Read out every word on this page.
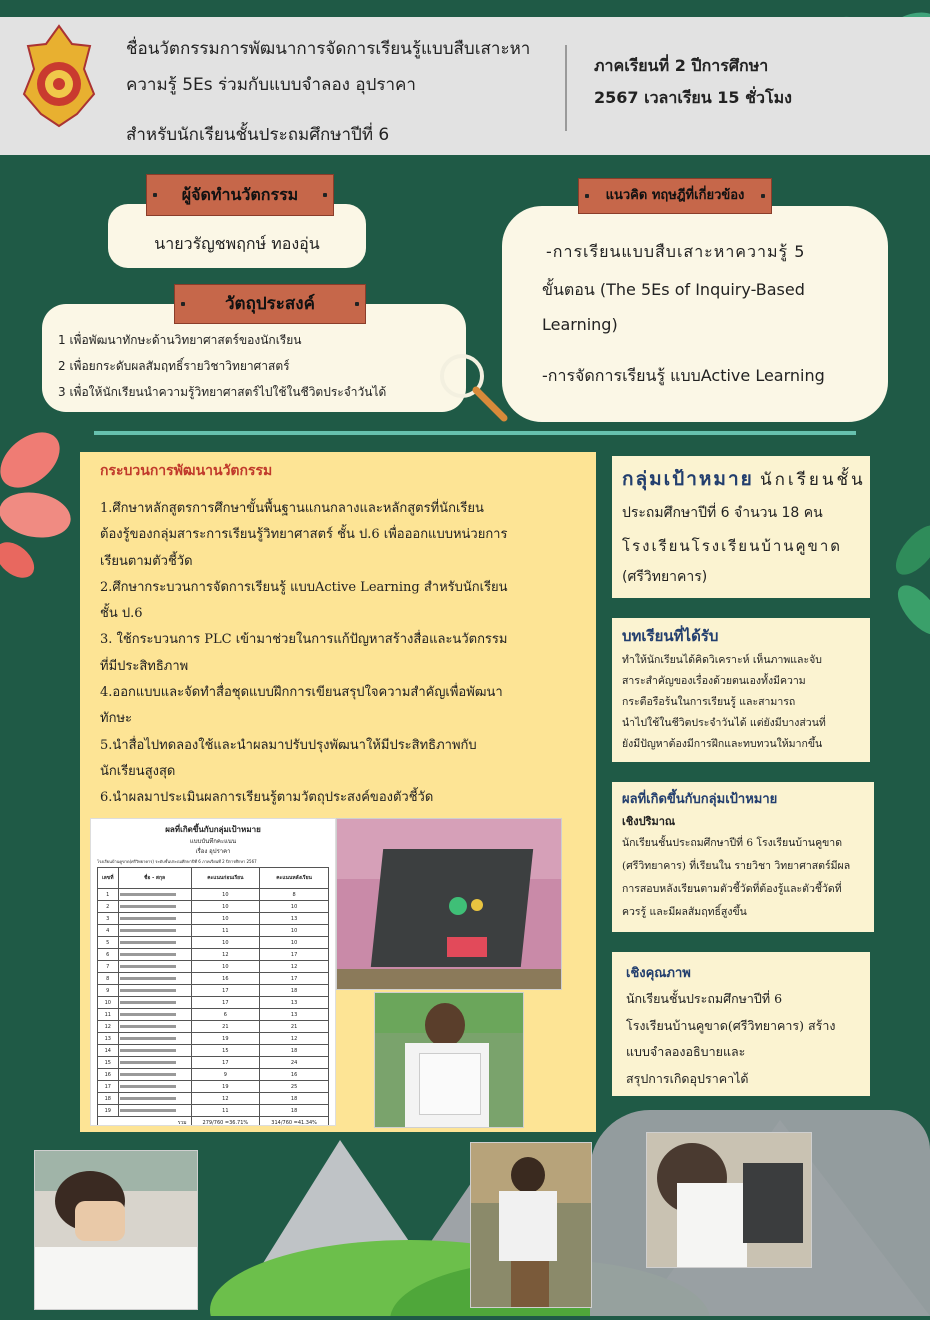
ชื่อนวัตกรรมการพัฒนาการจัดการเรียนรู้แบบสืบเสาะหา
ความรู้ 5Es ร่วมกับแบบจำลอง อุปราคา
สำหรับนักเรียนชั้นประถมศึกษาปีที่ 6
ภาคเรียนที่ 2 ปีการศึกษา
2567 เวลาเรียน 15 ชั่วโมง
ผู้จัดทำนวัตกรรม
นายวรัญชพฤกษ์ ทองอุ่น
วัตถุประสงค์
1 เพื่อพัฒนาทักษะด้านวิทยาศาสตร์ของนักเรียน
2 เพื่อยกระดับผลสัมฤทธิ์รายวิชาวิทยาศาสตร์
3 เพื่อให้นักเรียนนำความรู้วิทยาศาสตร์ไปใช้ในชีวิตประจำวันได้
แนวคิด ทฤษฎีที่เกี่ยวข้อง
-การเรียนแบบสืบเสาะหาความรู้ 5
ขั้นตอน (The 5Es of Inquiry-Based
Learning)
-การจัดการเรียนรู้ แบบActive Learning
กระบวนการพัฒนานวัตกรรม
1.ศึกษาหลักสูตรการศึกษาขั้นพื้นฐานแกนกลางและหลักสูตรที่นักเรียน
ต้องรู้ของกลุ่มสาระการเรียนรู้วิทยาศาสตร์ ชั้น ป.6 เพื่อออกแบบหน่วยการ
เรียนตามตัวชี้วัด
2.ศึกษากระบวนการจัดการเรียนรู้ แบบActive Learning สำหรับนักเรียน
ชั้น ป.6
3. ใช้กระบวนการ PLC เข้ามาช่วยในการแก้ปัญหาสร้างสื่อและนวัตกรรม
ที่มีประสิทธิภาพ
4.ออกแบบและจัดทำสื่อชุดแบบฝึกการเขียนสรุปใจความสำคัญเพื่อพัฒนา
ทักษะ
5.นำสื่อไปทดลองใช้และนำผลมาปรับปรุงพัฒนาให้มีประสิทธิภาพกับ
นักเรียนสูงสุด
6.นำผลมาประเมินผลการเรียนรู้ตามวัตถุประสงค์ของตัวชี้วัด
ผลที่เกิดขึ้นกับกลุ่มเป้าหมาย
แบบบันทึกคะแนน
เรื่อง อุปราคา
โรงเรียนบ้านคูขาด(ศรีวิทยาคาร) ระดับชั้นประถมศึกษาปีที่ 6 ภาคเรียนที่ 2 ปีการศึกษา 2567
เลขที่	ชื่อ - สกุล	คะแนนก่อนเรียน	คะแนนหลังเรียน
1		10	8
2		10	10
3		10	13
4		11	10
5		10	10
6		12	17
7		10	12
8		16	17
9		17	18
10		17	13
11		6	13
12		21	21
13		19	12
14		15	18
15		17	24
16		9	16
17		19	25
18		12	18
19		11	18
รวม		279/760 =36.71%	314/760 =41.34%
กลุ่มเป้าหมาย นักเรียนชั้น
ประถมศึกษาปีที่ 6 จำนวน 18 คน
โรงเรียนโรงเรียนบ้านคูขาด
(ศรีวิทยาคาร)
บทเรียนที่ได้รับ
ทำให้นักเรียนได้คิดวิเคราะห์ เห็นภาพและจับ
สาระสำคัญของเรื่องด้วยตนเองทั้งมีความ
กระตือรือร้นในการเรียนรู้ และสามารถ
นำไปใช้ในชีวิตประจำวันได้ แต่ยังมีบางส่วนที่
ยังมีปัญหาต้องมีการฝึกและทบทวนให้มากขึ้น
ผลที่เกิดขึ้นกับกลุ่มเป้าหมาย
เชิงปริมาณ
นักเรียนชั้นประถมศึกษาปีที่ 6 โรงเรียนบ้านคูขาด
(ศรีวิทยาคาร) ที่เรียนใน รายวิชา วิทยาศาสตร์มีผล
การสอบหลังเรียนตามตัวชี้วัดที่ต้องรู้และตัวชี้วัดที่
ควรรู้ และมีผลสัมฤทธิ์สูงขึ้น
เชิงคุณภาพ
นักเรียนชั้นประถมศึกษาปีที่ 6
โรงเรียนบ้านคูขาด(ศรีวิทยาคาร) สร้าง
แบบจำลองอธิบายและ
สรุปการเกิดอุปราคาได้
